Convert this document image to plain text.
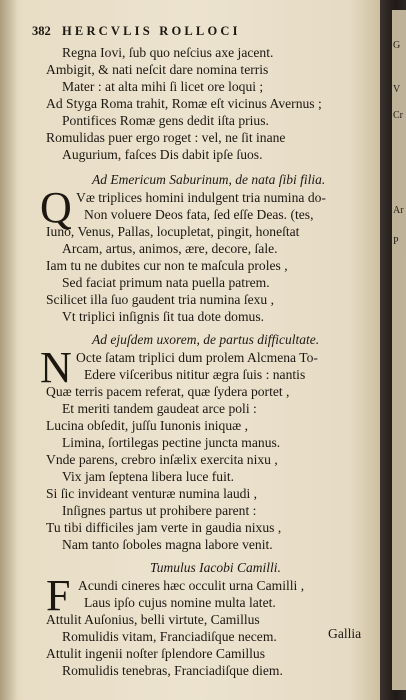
382 HERCVLIS ROLLOCI
Regna Iovi, ſub quo neſcius axe jacent.
Ambigit, & nati neſcit dare nomina terris
Mater : at alta mihi ſi licet ore loqui ;
Ad Styga Roma trahit, Romæ eſt vicinus Avernus ;
Pontifices Romæ gens dedit iſta prius.
Romulidas puer ergo roget : vel, ne ſit inane
Augurium, faſces Dis dabit ipſe ſuos.
Ad Emericum Saburinum, de nata ſibi filia.
Q Væ triplices homini indulgent tria numina do-
Non voluere Deos fata, ſed eſſe Deas. (tes,
Iuno, Venus, Pallas, locupletat, pingit, honeſtat
Arcam, artus, animos, ære, decore, ſale.
Iam tu ne dubites cur non te maſcula proles ,
Sed faciat primum nata puella patrem.
Scilicet illa ſuo gaudent tria numina ſexu ,
Vt triplici inſignis ſit tua dote domus.
Ad ejuſdem uxorem, de partus difficultate.
N Octe ſatam triplici dum prolem Alcmena To-
Edere viſceribus nititur ægra ſuis : nantis
Quæ terris pacem referat, quæ ſydera portet ,
Et meriti tandem gaudeat arce poli :
Lucina obſedit, juſſu Iunonis iniquæ ,
Limina, ſortilegas pectine juncta manus.
Vnde parens, crebro inſælix exercita nixu ,
Vix jam ſeptena libera luce fuit.
Si ſic invideant venturæ numina laudi ,
Inſignes partus ut prohibere parent :
Tu tibi difficiles jam verte in gaudia nixus ,
Nam tanto ſoboles magna labore venit.
Tumulus Iacobi Camilli.
F Acundi cineres hæc occulit urna Camilli ,
Laus ipſo cujus nomine multa latet.
Attulit Auſonius, belli virtute, Camillus
Romulidis vitam, Franciadiſque necem.
Attulit ingenii noſter ſplendore Camillus
Romulidis tenebras, Franciadiſque diem.
Gallia
G
V
Cr
Ar
P
